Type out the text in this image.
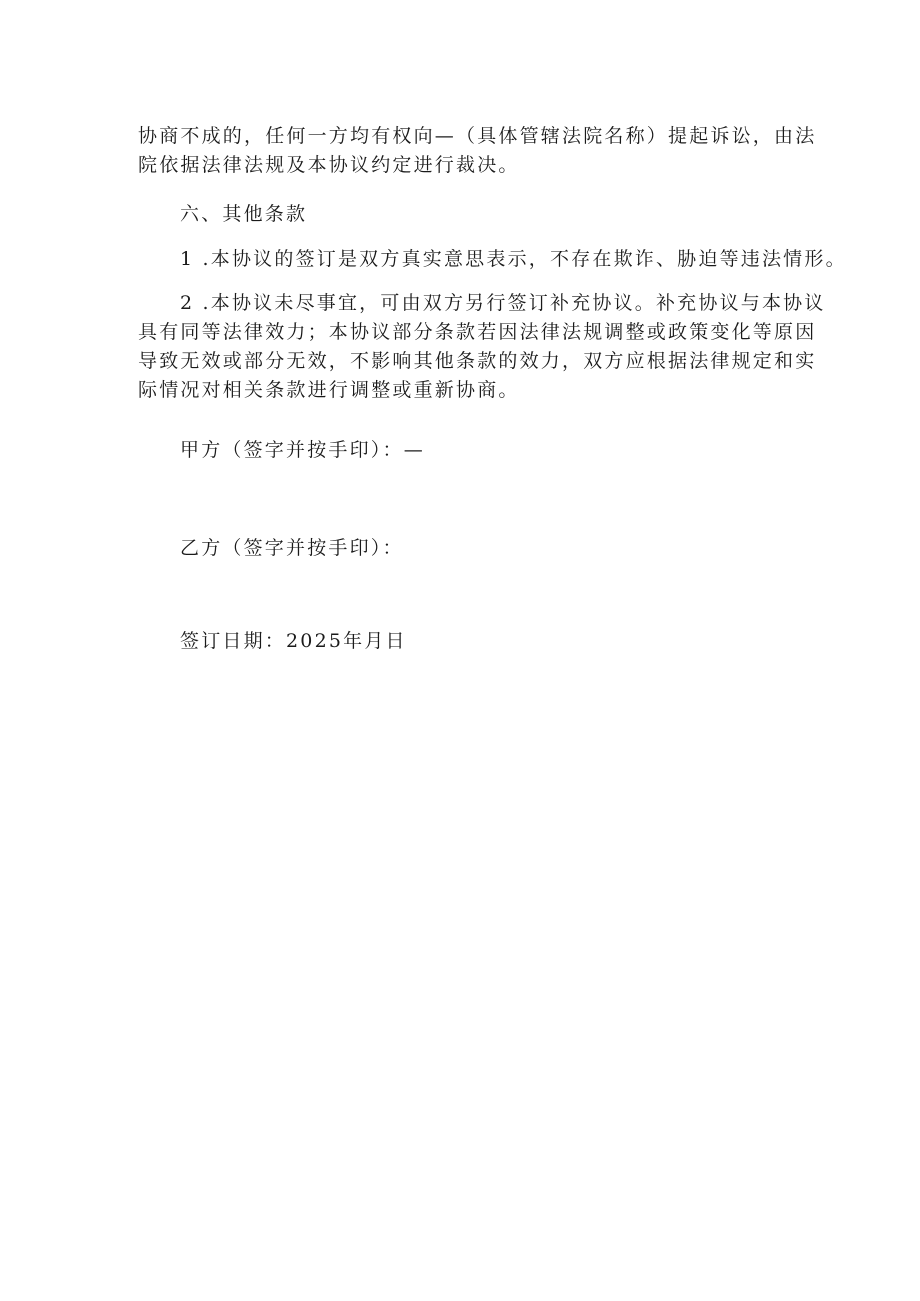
协商不成的，任何一方均有权向—（具体管辖法院名称）提起诉讼，由法
院依据法律法规及本协议约定进行裁决。
六、其他条款
1 .本协议的签订是双方真实意思表示，不存在欺诈、胁迫等违法情形。
2 .本协议未尽事宜，可由双方另行签订补充协议。补充协议与本协议
具有同等法律效力；本协议部分条款若因法律法规调整或政策变化等原因
导致无效或部分无效，不影响其他条款的效力，双方应根据法律规定和实
际情况对相关条款进行调整或重新协商。
甲方（签字并按手印）：—
乙方（签字并按手印）：
签订日期：2025年月日
